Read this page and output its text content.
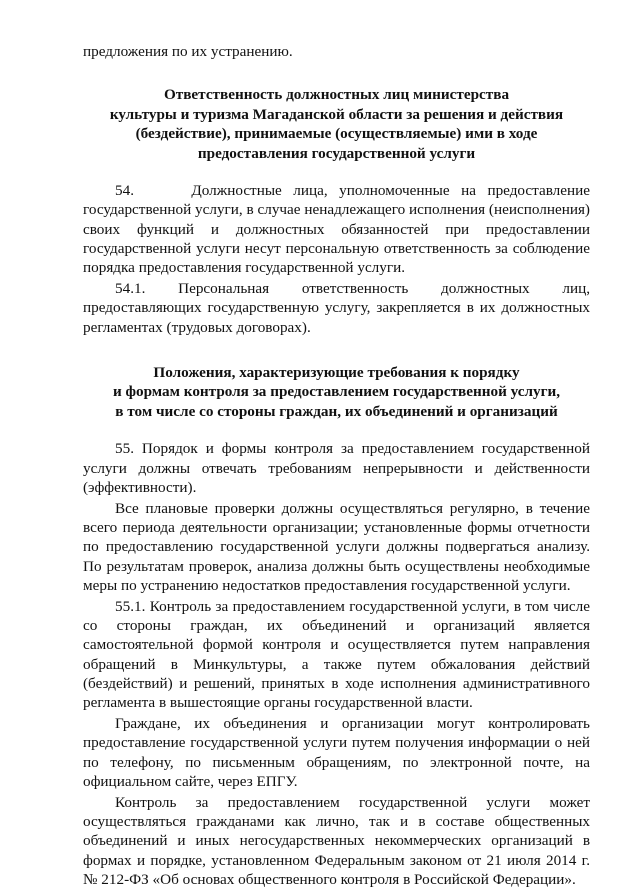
предложения по их устранению.

Ответственность должностных лиц министерства
культуры и туризма Магаданской области за решения и действия
(бездействие), принимаемые (осуществляемые) ими в ходе
предоставления государственной услуги

54.     Должностные лица, уполномоченные на предоставление государственной услуги, в случае ненадлежащего исполнения (неисполнения) своих функций и должностных обязанностей при предоставлении государственной услуги несут персональную ответственность за соблюдение порядка предоставления государственной услуги.

54.1. Персональная ответственность должностных лиц, предоставляющих государственную услугу, закрепляется в их должностных регламентах (трудовых договорах).

Положения, характеризующие требования к порядку
и формам контроля за предоставлением государственной услуги,
в том числе со стороны граждан, их объединений и организаций

55. Порядок и формы контроля за предоставлением государственной услуги должны отвечать требованиям непрерывности и действенности (эффективности).

Все плановые проверки должны осуществляться регулярно, в течение всего периода деятельности организации; установленные формы отчетности по предоставлению государственной услуги должны подвергаться анализу. По результатам проверок, анализа должны быть осуществлены необходимые меры по устранению недостатков предоставления государственной услуги.

55.1. Контроль за предоставлением государственной услуги, в том числе со стороны граждан, их объединений и организаций является самостоятельной формой контроля и осуществляется путем направления обращений в Минкультуры, а также путем обжалования действий (бездействий) и решений, принятых в ходе исполнения административного регламента в вышестоящие органы государственной власти.

Граждане, их объединения и организации могут контролировать предоставление государственной услуги путем получения информации о ней по телефону, по письменным обращениям, по электронной почте, на официальном сайте, через ЕПГУ.

Контроль за предоставлением государственной услуги может осуществляться гражданами как лично, так и в составе общественных объединений и иных негосударственных некоммерческих организаций в формах и порядке, установленном Федеральным законом от 21 июля 2014 г. № 212-ФЗ «Об основах общественного контроля в Российской Федерации».
